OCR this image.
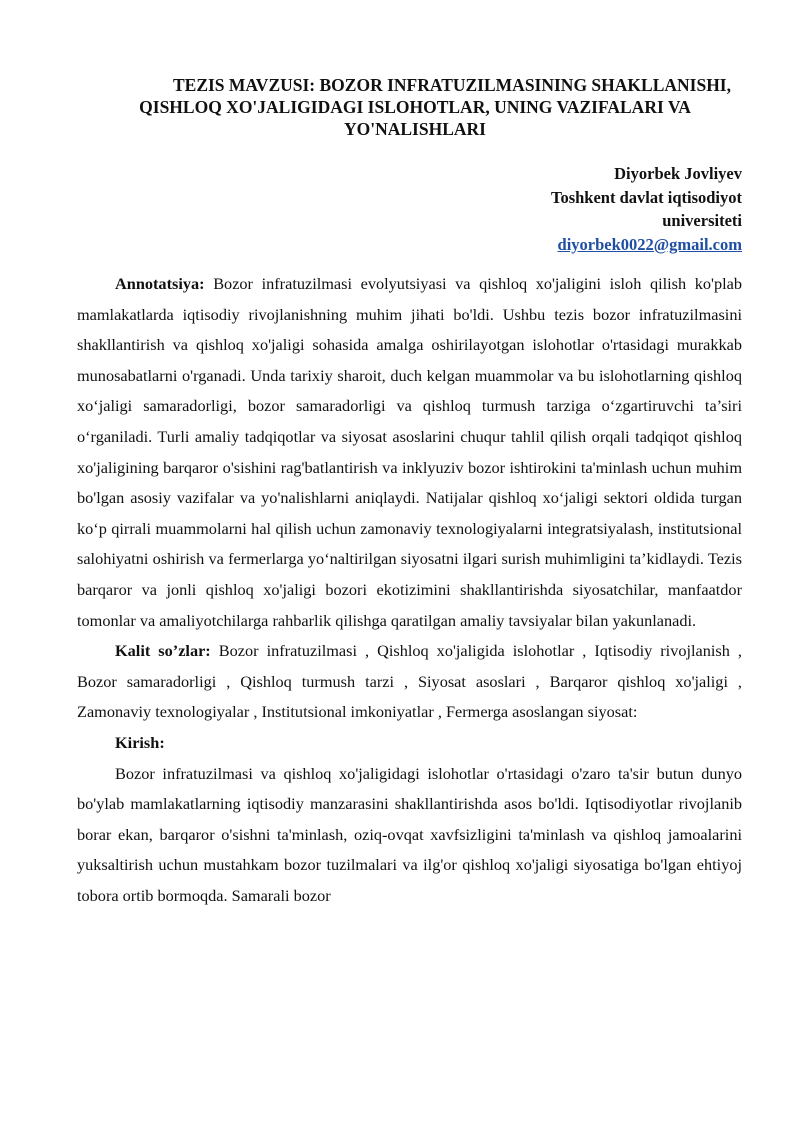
TEZIS MAVZUSI: BOZOR INFRATUZILMASINING SHAKLLANISHI,
QISHLOQ XO'JALIGIDAGI ISLOHOTLAR, UNING VAZIFALARI VA
YO'NALISHLARI
Diyorbek Jovliyev
Toshkent davlat iqtisodiyot
universiteti
diyorbek0022@gmail.com

Annotatsiya: Bozor infratuzilmasi evolyutsiyasi va qishloq xo'jaligini isloh qilish ko'plab mamlakatlarda iqtisodiy rivojlanishning muhim jihati bo'ldi. Ushbu tezis bozor infratuzilmasini shakllantirish va qishloq xo'jaligi sohasida amalga oshirilayotgan islohotlar o'rtasidagi murakkab munosabatlarni o'rganadi. Unda tarixiy sharoit, duch kelgan muammolar va bu islohotlarning qishloq xo‘jaligi samaradorligi, bozor samaradorligi va qishloq turmush tarziga o‘zgartiruvchi ta’siri o‘rganiladi. Turli amaliy tadqiqotlar va siyosat asoslarini chuqur tahlil qilish orqali tadqiqot qishloq xo'jaligining barqaror o'sishini rag'batlantirish va inklyuziv bozor ishtirokini ta'minlash uchun muhim bo'lgan asosiy vazifalar va yo'nalishlarni aniqlaydi. Natijalar qishloq xo‘jaligi sektori oldida turgan ko‘p qirrali muammolarni hal qilish uchun zamonaviy texnologiyalarni integratsiyalash, institutsional salohiyatni oshirish va fermerlarga yo‘naltirilgan siyosatni ilgari surish muhimligini ta’kidlaydi. Tezis barqaror va jonli qishloq xo'jaligi bozori ekotizimini shakllantirishda siyosatchilar, manfaatdor tomonlar va amaliyotchilarga rahbarlik qilishga qaratilgan amaliy tavsiyalar bilan yakunlanadi.

Kalit so’zlar: Bozor infratuzilmasi , Qishloq xo'jaligida islohotlar , Iqtisodiy rivojlanish , Bozor samaradorligi , Qishloq turmush tarzi , Siyosat asoslari , Barqaror qishloq xo'jaligi , Zamonaviy texnologiyalar , Institutsional imkoniyatlar , Fermerga asoslangan siyosat:

Kirish:

Bozor infratuzilmasi va qishloq xo'jaligidagi islohotlar o'rtasidagi o'zaro ta'sir butun dunyo bo'ylab mamlakatlarning iqtisodiy manzarasini shakllantirishda asos bo'ldi. Iqtisodiyotlar rivojlanib borar ekan, barqaror o'sishni ta'minlash, oziq-ovqat xavfsizligini ta'minlash va qishloq jamoalarini yuksaltirish uchun mustahkam bozor tuzilmalari va ilg'or qishloq xo'jaligi siyosatiga bo'lgan ehtiyoj tobora ortib bormoqda. Samarali bozor
